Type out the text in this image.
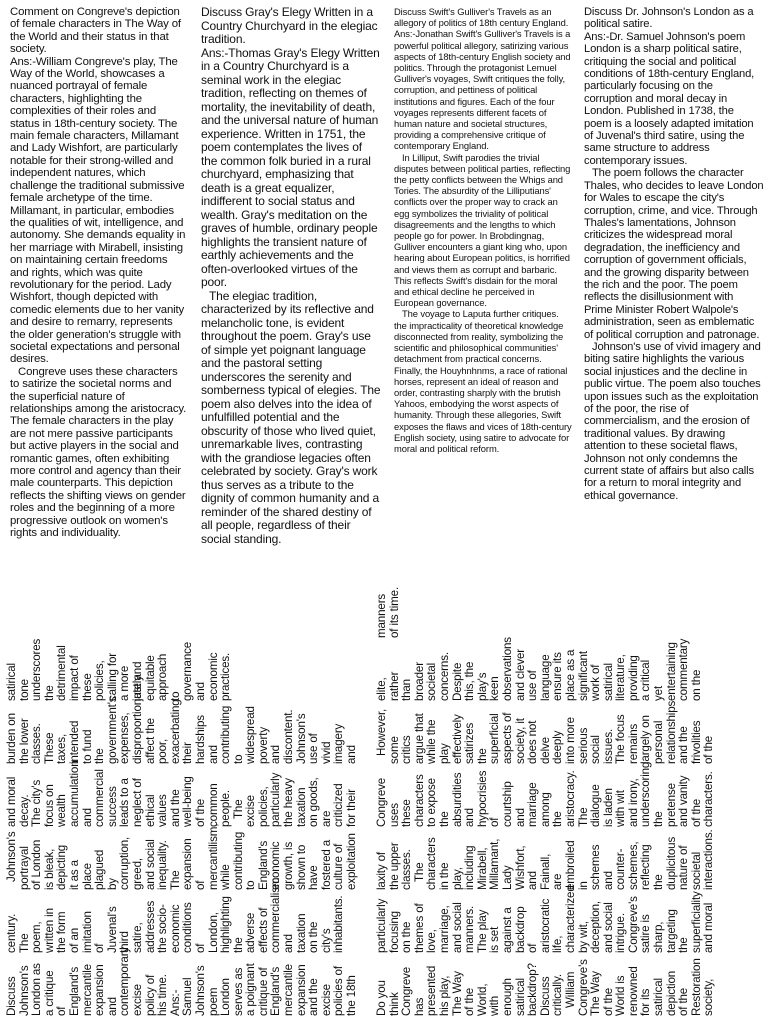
Comment on Congreve's depiction of female characters in The Way of the World and their status in that society.

Ans:-William Congreve's play, The Way of the World, showcases a nuanced portrayal of female characters, highlighting the complexities of their roles and status in 18th-century society. The main female characters, Millamant and Lady Wishfort, are particularly notable for their strong-willed and independent natures, which challenge the traditional submissive female archetype of the time. Millamant, in particular, embodies the qualities of wit, intelligence, and autonomy. She demands equality in her marriage with Mirabell, insisting on maintaining certain freedoms and rights, which was quite revolutionary for the period. Lady Wishfort, though depicted with comedic elements due to her vanity and desire to remarry, represents the older generation's struggle with societal expectations and personal desires.

Congreve uses these characters to satirize the societal norms and the superficial nature of relationships among the aristocracy. The female characters in the play are not mere passive participants but active players in the social and romantic games, often exhibiting more control and agency than their male counterparts. This depiction reflects the shifting views on gender roles and the beginning of a more progressive outlook on women's rights and individuality.

Discuss Gray's Elegy Written in a Country Churchyard in the elegiac tradition.

Ans:-Thomas Gray's Elegy Written in a Country Churchyard is a seminal work in the elegiac tradition, reflecting on themes of mortality, the inevitability of death, and the universal nature of human experience. Written in 1751, the poem contemplates the lives of the common folk buried in a rural churchyard, emphasizing that death is a great equalizer, indifferent to social status and wealth. Gray's meditation on the graves of humble, ordinary people highlights the transient nature of earthly achievements and the often-overlooked virtues of the poor.

The elegiac tradition, characterized by its reflective and melancholic tone, is evident throughout the poem. Gray's use of simple yet poignant language and the pastoral setting underscores the serenity and somberness typical of elegies. The poem also delves into the idea of unfulfilled potential and the obscurity of those who lived quiet, unremarkable lives, contrasting with the grandiose legacies often celebrated by society. Gray's work thus serves as a tribute to the dignity of common humanity and a reminder of the shared destiny of all people, regardless of their social standing.

Discuss Swift's Gulliver's Travels as an allegory of politics of 18th century England.

Ans:-Jonathan Swift's Gulliver's Travels is a powerful political allegory, satirizing various aspects of 18th-century English society and politics. Through the protagonist Lemuel Gulliver's voyages, Swift critiques the folly, corruption, and pettiness of political institutions and figures. Each of the four voyages represents different facets of human nature and societal structures, providing a comprehensive critique of contemporary England.

In Lilliput, Swift parodies the trivial disputes between political parties, reflecting the petty conflicts between the Whigs and Tories. The absurdity of the Lilliputians' conflicts over the proper way to crack an egg symbolizes the triviality of political disagreements and the lengths to which people go for power. In Brobdingnag, Gulliver encounters a giant king who, upon hearing about European politics, is horrified and views them as corrupt and barbaric. This reflects Swift's disdain for the moral and ethical decline he perceived in European governance.

The voyage to Laputa further critiques. the impracticality of theoretical knowledge disconnected from reality, symbolizing the scientific and philosophical communities' detachment from practical concerns. Finally, the Houyhnhnms, a race of rational horses, represent an ideal of reason and order, contrasting sharply with the brutish Yahoos, embodying the worst aspects of humanity. Through these allegories, Swift exposes the flaws and vices of 18th-century English society, using satire to advocate for moral and political reform.

Discuss Dr. Johnson's London as a political satire.

Ans:-Dr. Samuel Johnson's poem London is a sharp political satire, critiquing the social and political conditions of 18th-century England, particularly focusing on the corruption and moral decay in London. Published in 1738, the poem is a loosely adapted imitation of Juvenal's third satire, using the same structure to address contemporary issues.

The poem follows the character Thales, who decides to leave London for Wales to escape the city's corruption, crime, and vice. Through Thales's lamentations, Johnson criticizes the widespread moral degradation, the inefficiency and corruption of government officials, and the growing disparity between the rich and the poor. The poem reflects the disillusionment with Prime Minister Robert Walpole's administration, seen as emblematic of political corruption and patronage.

Johnson's use of vivid imagery and biting satire highlights the various social injustices and the decline in public virtue. The poem also touches upon issues such as the exploitation of the poor, the rise of commercialism, and the erosion of traditional values. By drawing attention to these societal flaws, Johnson not only condemns the current state of affairs but also calls for a return to moral integrity and ethical governance.

Discuss Johnson's London as a critique of England's mercantile expansion and contemporary excise policy of his time. Ans:-Samuel Johnson's poem London serves as a poignant critique of England's mercantile expansion and the excise policies of the 18th century. The poem, written in the form of an imitation of Juvenal's third satire, addresses the socio-economic conditions of London, highlighting the adverse effects of commercialism and taxation on the city's inhabitants.

Johnson's portrayal of London is bleak, depicting it as a place plagued by corruption, greed, and social inequality. The expansion of mercantilism, while contributing to England's economic growth, is shown to have fostered a culture of exploitation and moral decay. The city's focus on wealth accumulation and commercial success leads to a neglect of ethical values and the well-being of the common people. The excise policies, particularly the heavy taxation on goods, are criticized for their burden on the lower classes. These taxes, intended to fund the government's expenses, disproportionately affect the poor, exacerbating their hardships and contributing to widespread poverty and discontent. Johnson's use of vivid imagery and satirical tone underscores the detrimental impact of these policies, calling for a more just and equitable approach to governance and economic practices.

Do you think Congreve has presented his play, The Way of the World, with enough satirical backdrop? Discuss critically. William Congreve's The Way of the World is renowned for its satirical depiction of the Restoration society, particularly focusing on the themes of love, marriage, and social manners. The play is set against a backdrop of aristocratic life, characterized by wit, deception, and social intrigue. Congreve's satire is sharp, targeting the superficiality and moral laxity of the upper classes. The characters in the play, including Mirabell, Millamant, Lady Wishfort, and Fainall, are embroiled in schemes and counter-schemes, reflecting the duplicitous nature of societal interactions. Congreve uses these characters to expose the absurdities and hypocrisies of courtship and marriage among the aristocracy. The dialogue is laden with wit and irony, underscoring the pretense and vanity of the characters.

However, some critics argue that while the play effectively satirizes the superficial aspects of society, it does not delve deeply into more serious social issues. The focus remains largely on personal relationships and the frivolities of the elite, rather than broader societal concerns. Despite this, the play's keen observations and clever use of language ensure its place as a significant work of satirical literature, providing a critical yet entertaining commentary on the manners of its time.
